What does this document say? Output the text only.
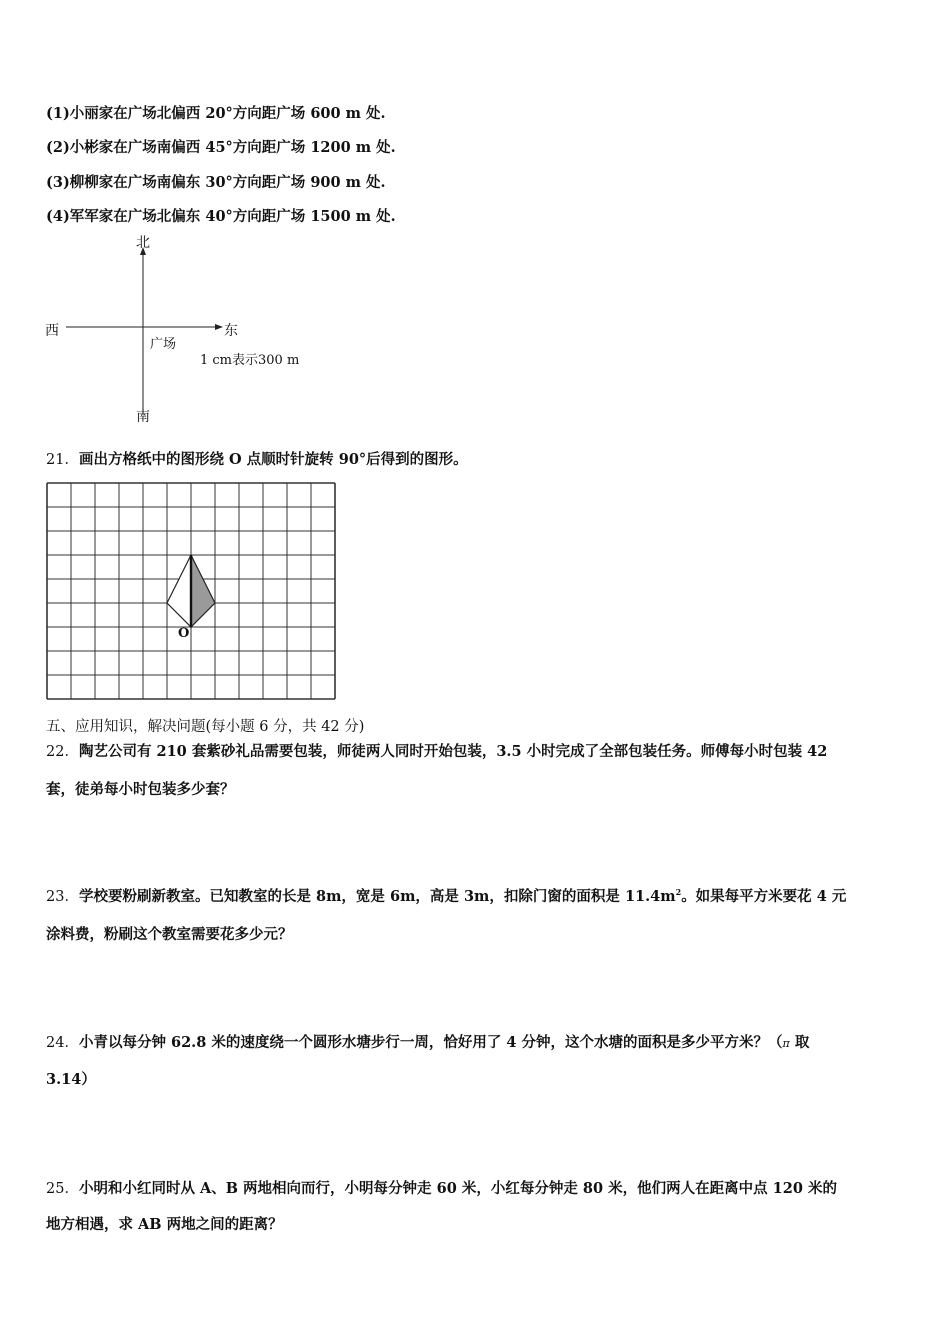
(1)小丽家在广场北偏西 20°方向距广场 600 m 处.
(2)小彬家在广场南偏西 45°方向距广场 1200 m 处.
(3)柳柳家在广场南偏东 30°方向距广场 900 m 处.
(4)军军家在广场北偏东 40°方向距广场 1500 m 处.
北
南
西	东
广场
1 cm表示300 m
21．画出方格纸中的图形绕 O 点顺时针旋转 90°后得到的图形。
O
五、应用知识，解决问题(每小题 6 分，共 42 分)
22．陶艺公司有 210 套紫砂礼品需要包装，师徒两人同时开始包装，3.5 小时完成了全部包装任务。师傅每小时包装 42
套，徒弟每小时包装多少套？
23．学校要粉刷新教室。已知教室的长是 8m，宽是 6m，高是 3m，扣除门窗的面积是 $11.4m^2$。如果每平方米要花 4 元
涂料费，粉刷这个教室需要花多少元？
24．小青以每分钟 62.8 米的速度绕一个圆形水塘步行一周，恰好用了 4 分钟，这个水塘的面积是多少平方米？（π 取
3.14）
25．小明和小红同时从 A、B 两地相向而行，小明每分钟走 60 米，小红每分钟走 80 米，他们两人在距离中点 120 米的
地方相遇，求 AB 两地之间的距离？
